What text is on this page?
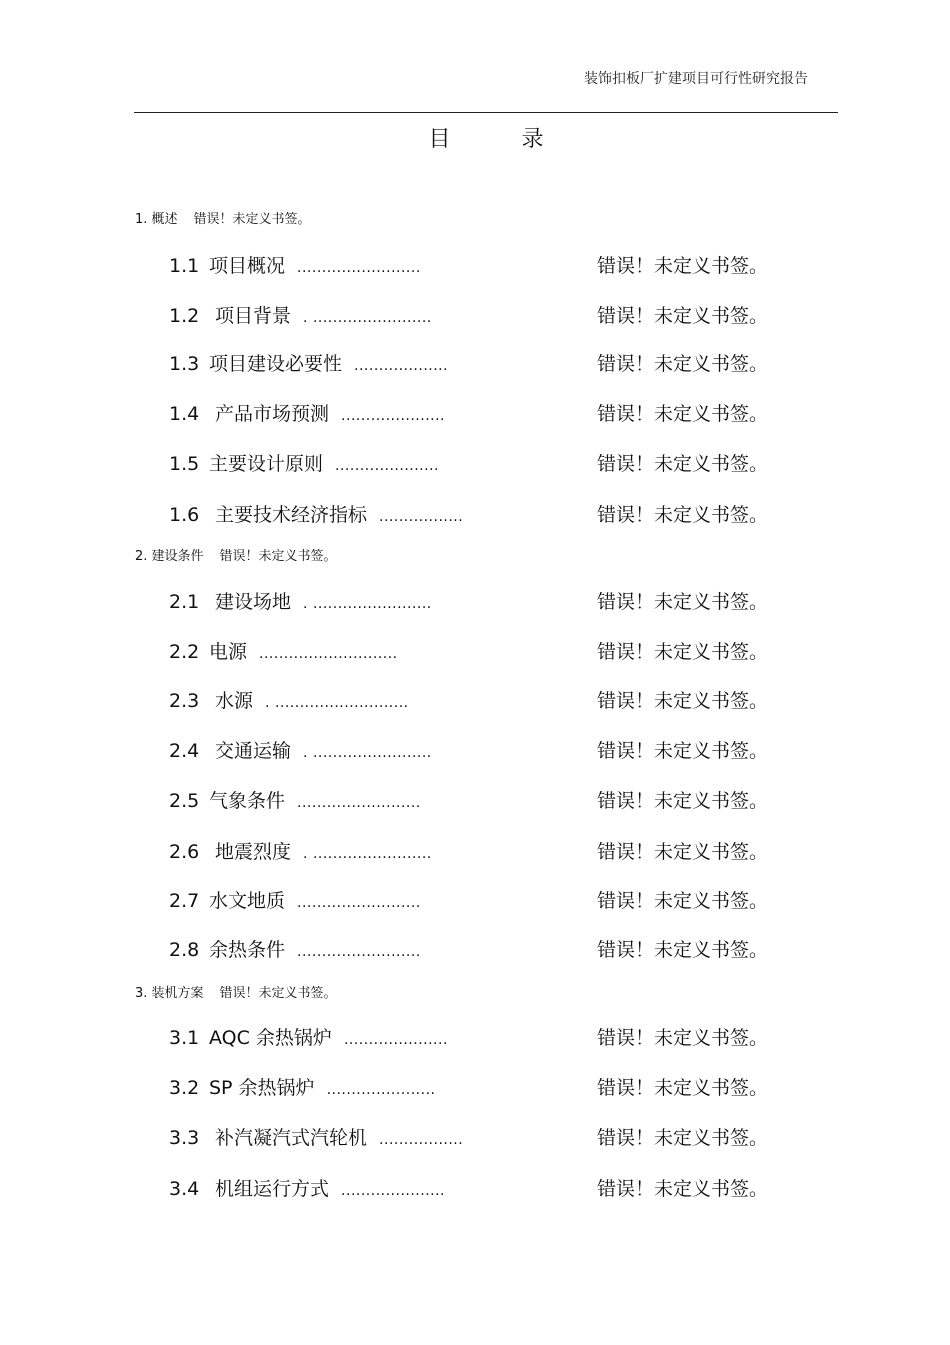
装饰扣板厂扩建项目可行性研究报告
目 录
1. 概述 错误！未定义书签。
1.1 项目概况 .........................	错误！未定义书签。
1.2 项目背景 . ........................	错误！未定义书签。
1.3 项目建设必要性 ...................	错误！未定义书签。
1.4 产品市场预测 .....................	错误！未定义书签。
1.5 主要设计原则 .....................	错误！未定义书签。
1.6 主要技术经济指标 .................	错误！未定义书签。
2. 建设条件 错误！未定义书签。
2.1 建设场地 . ........................	错误！未定义书签。
2.2 电源 ............................	错误！未定义书签。
2.3 水源 . ...........................	错误！未定义书签。
2.4 交通运输 . ........................	错误！未定义书签。
2.5 气象条件 .........................	错误！未定义书签。
2.6 地震烈度 . ........................	错误！未定义书签。
2.7 水文地质 .........................	错误！未定义书签。
2.8 余热条件 .........................	错误！未定义书签。
3. 装机方案 错误！未定义书签。
3.1 AQC 余热锅炉 .....................	错误！未定义书签。
3.2 SP 余热锅炉 ......................	错误！未定义书签。
3.3 补汽凝汽式汽轮机 .................	错误！未定义书签。
3.4 机组运行方式 .....................	错误！未定义书签。
